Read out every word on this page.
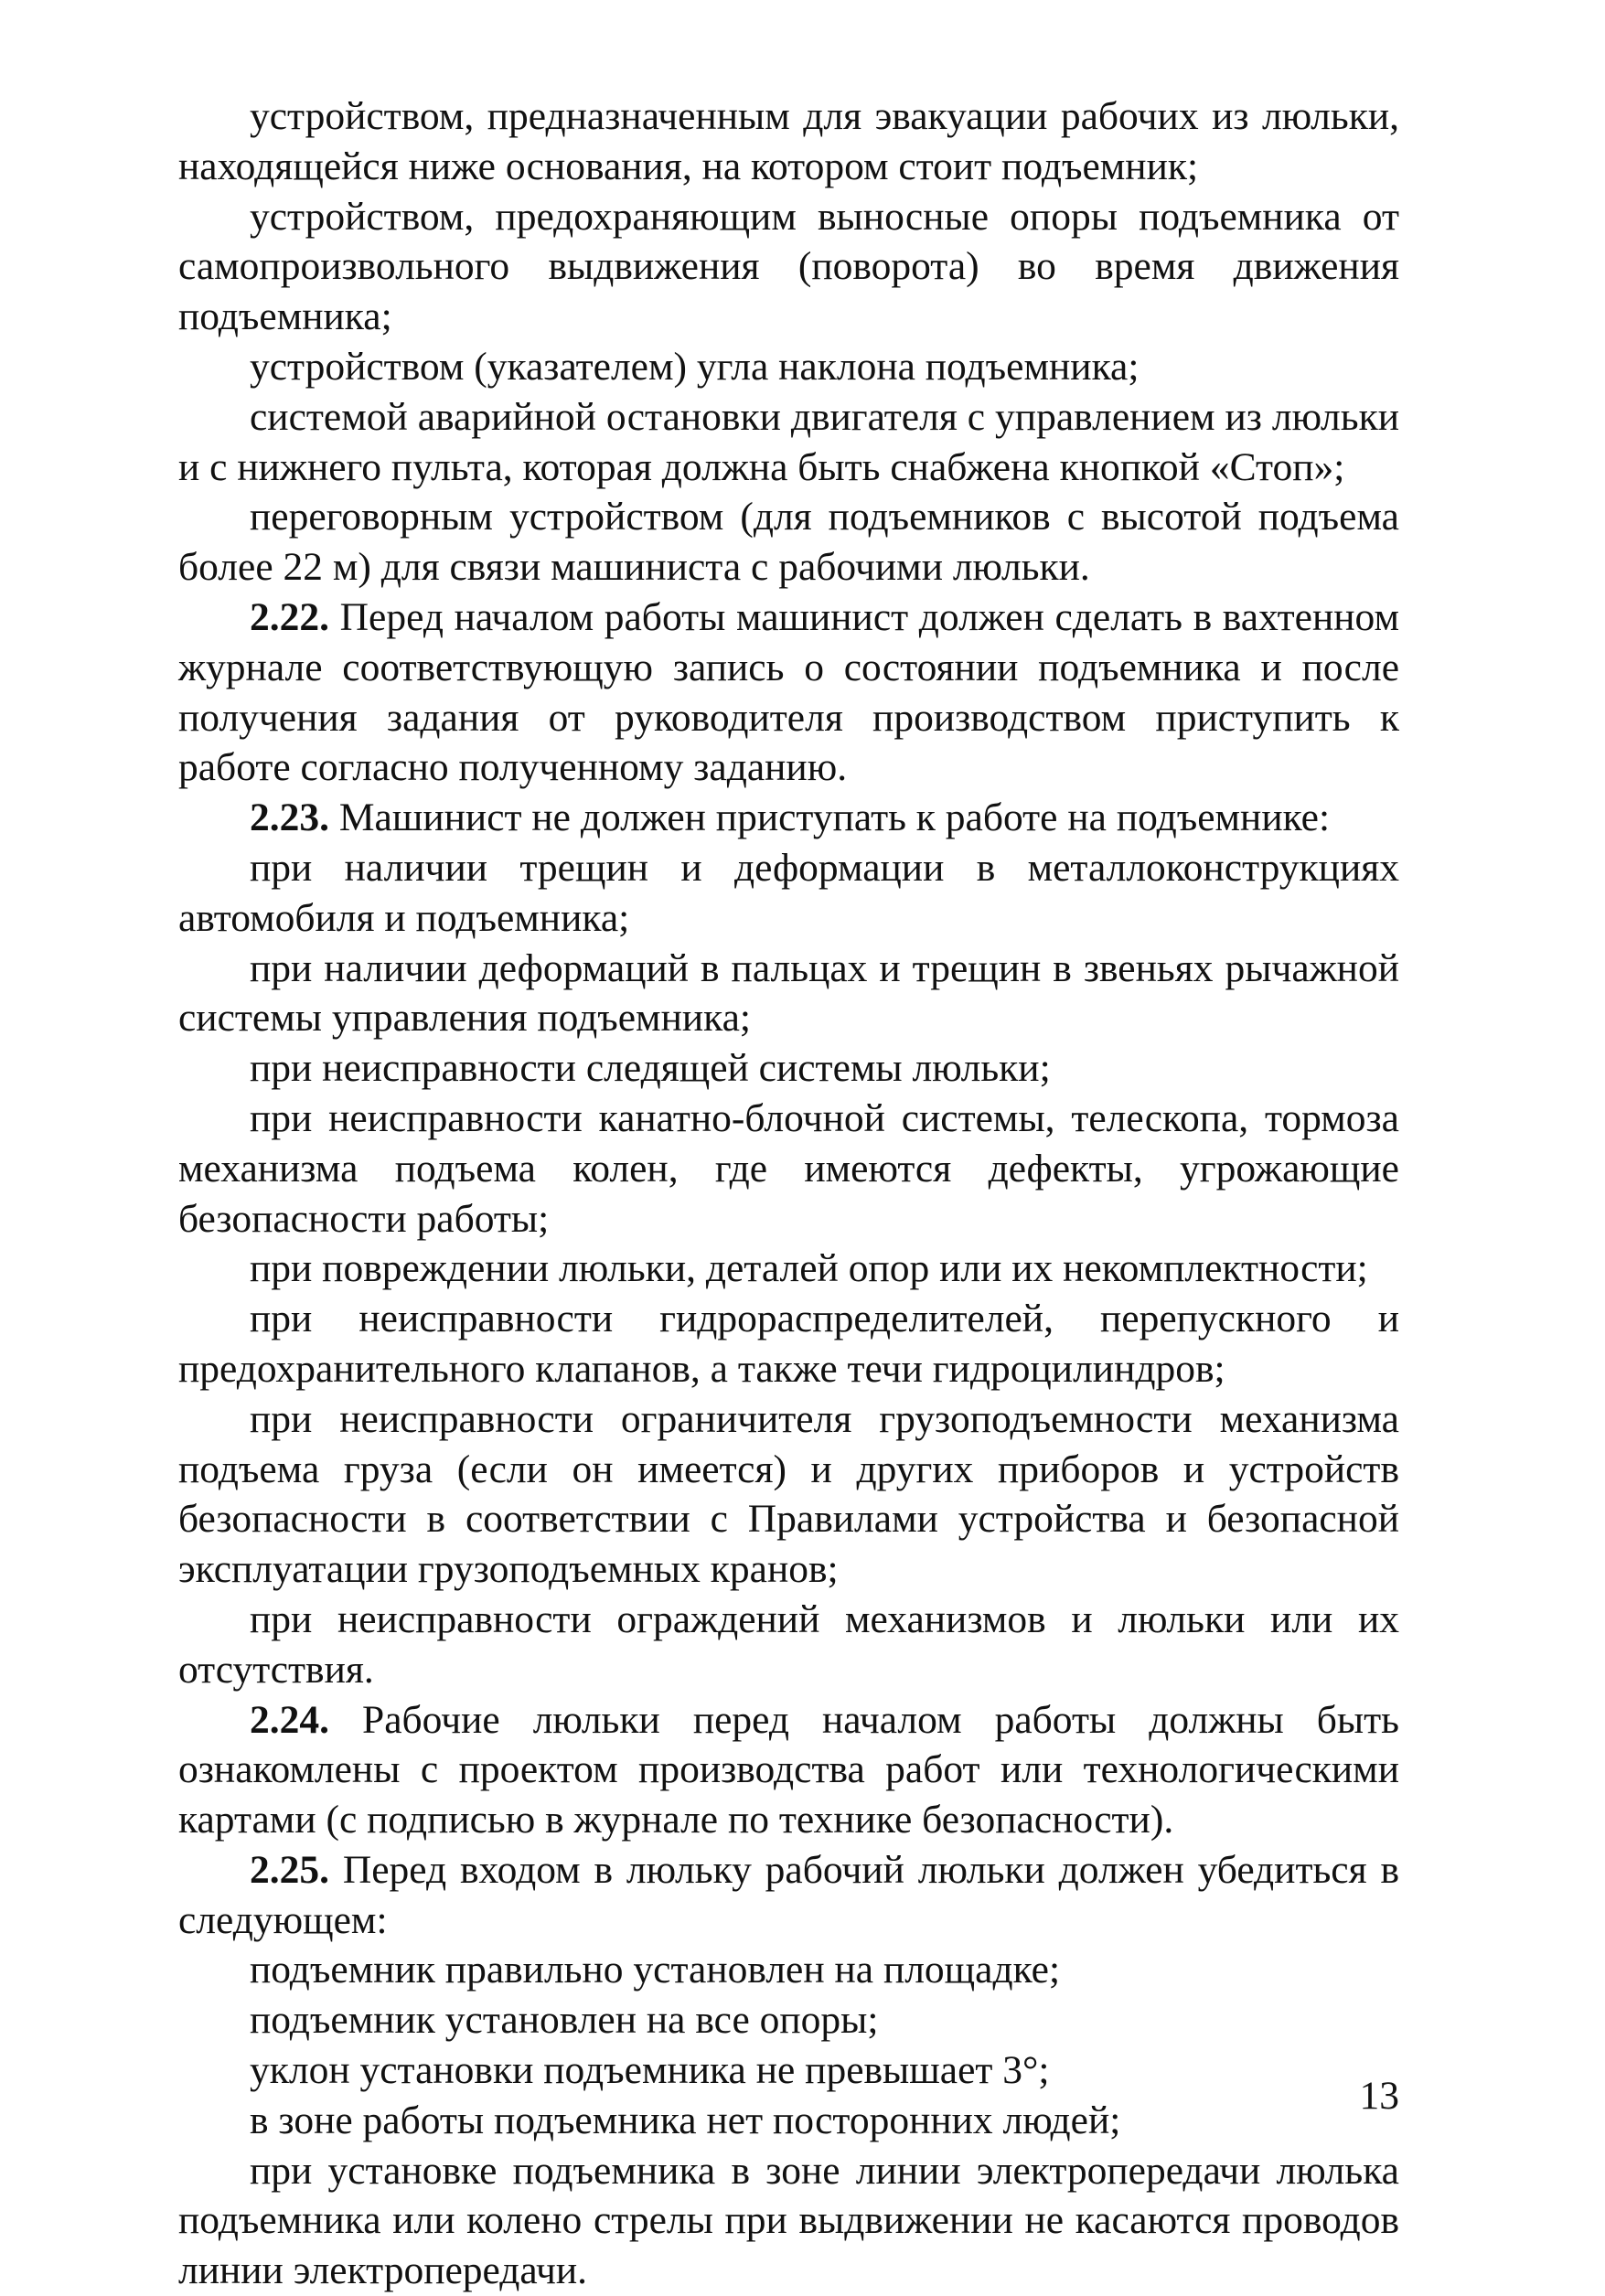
устройством, предназначенным для эвакуации рабочих из люльки, находящейся ниже основания, на котором стоит подъемник;

устройством, предохраняющим выносные опоры подъемника от самопроизвольного выдвижения (поворота) во время движения подъемника;

устройством (указателем) угла наклона подъемника;

системой аварийной остановки двигателя с управлением из люльки и с нижнего пульта, которая должна быть снабжена кнопкой «Стоп»;

переговорным устройством (для подъемников с высотой подъема более 22 м) для связи машиниста с рабочими люльки.

2.22. Перед началом работы машинист должен сделать в вахтенном журнале соответствующую запись о состоянии подъемника и после получения задания от руководителя производством приступить к работе согласно полученному заданию.

2.23. Машинист не должен приступать к работе на подъемнике:

при наличии трещин и деформации в металлоконструкциях автомобиля и подъемника;

при наличии деформаций в пальцах и трещин в звеньях рычажной системы управления подъемника;

при неисправности следящей системы люльки;

при неисправности канатно-блочной системы, телескопа, тормоза механизма подъема колен, где имеются дефекты, угрожающие безопасности работы;

при повреждении люльки, деталей опор или их некомплектности;

при неисправности гидрораспределителей, перепускного и предохранительного клапанов, а также течи гидроцилиндров;

при неисправности ограничителя грузоподъемности механизма подъема груза (если он имеется) и других приборов и устройств безопасности в соответствии с Правилами устройства и безопасной эксплуатации грузоподъемных кранов;

при неисправности ограждений механизмов и люльки или их отсутствия.

2.24. Рабочие люльки перед началом работы должны быть ознакомлены с проектом производства работ или технологическими картами (с подписью в журнале по технике безопасности).

2.25. Перед входом в люльку рабочий люльки должен убедиться в следующем:

подъемник правильно установлен на площадке;

подъемник установлен на все опоры;

уклон установки подъемника не превышает 3°;

в зоне работы подъемника нет посторонних людей;

при установке подъемника в зоне линии электропередачи люлька подъемника или колено стрелы при выдвижении не касаются проводов линии электропередачи.

13
